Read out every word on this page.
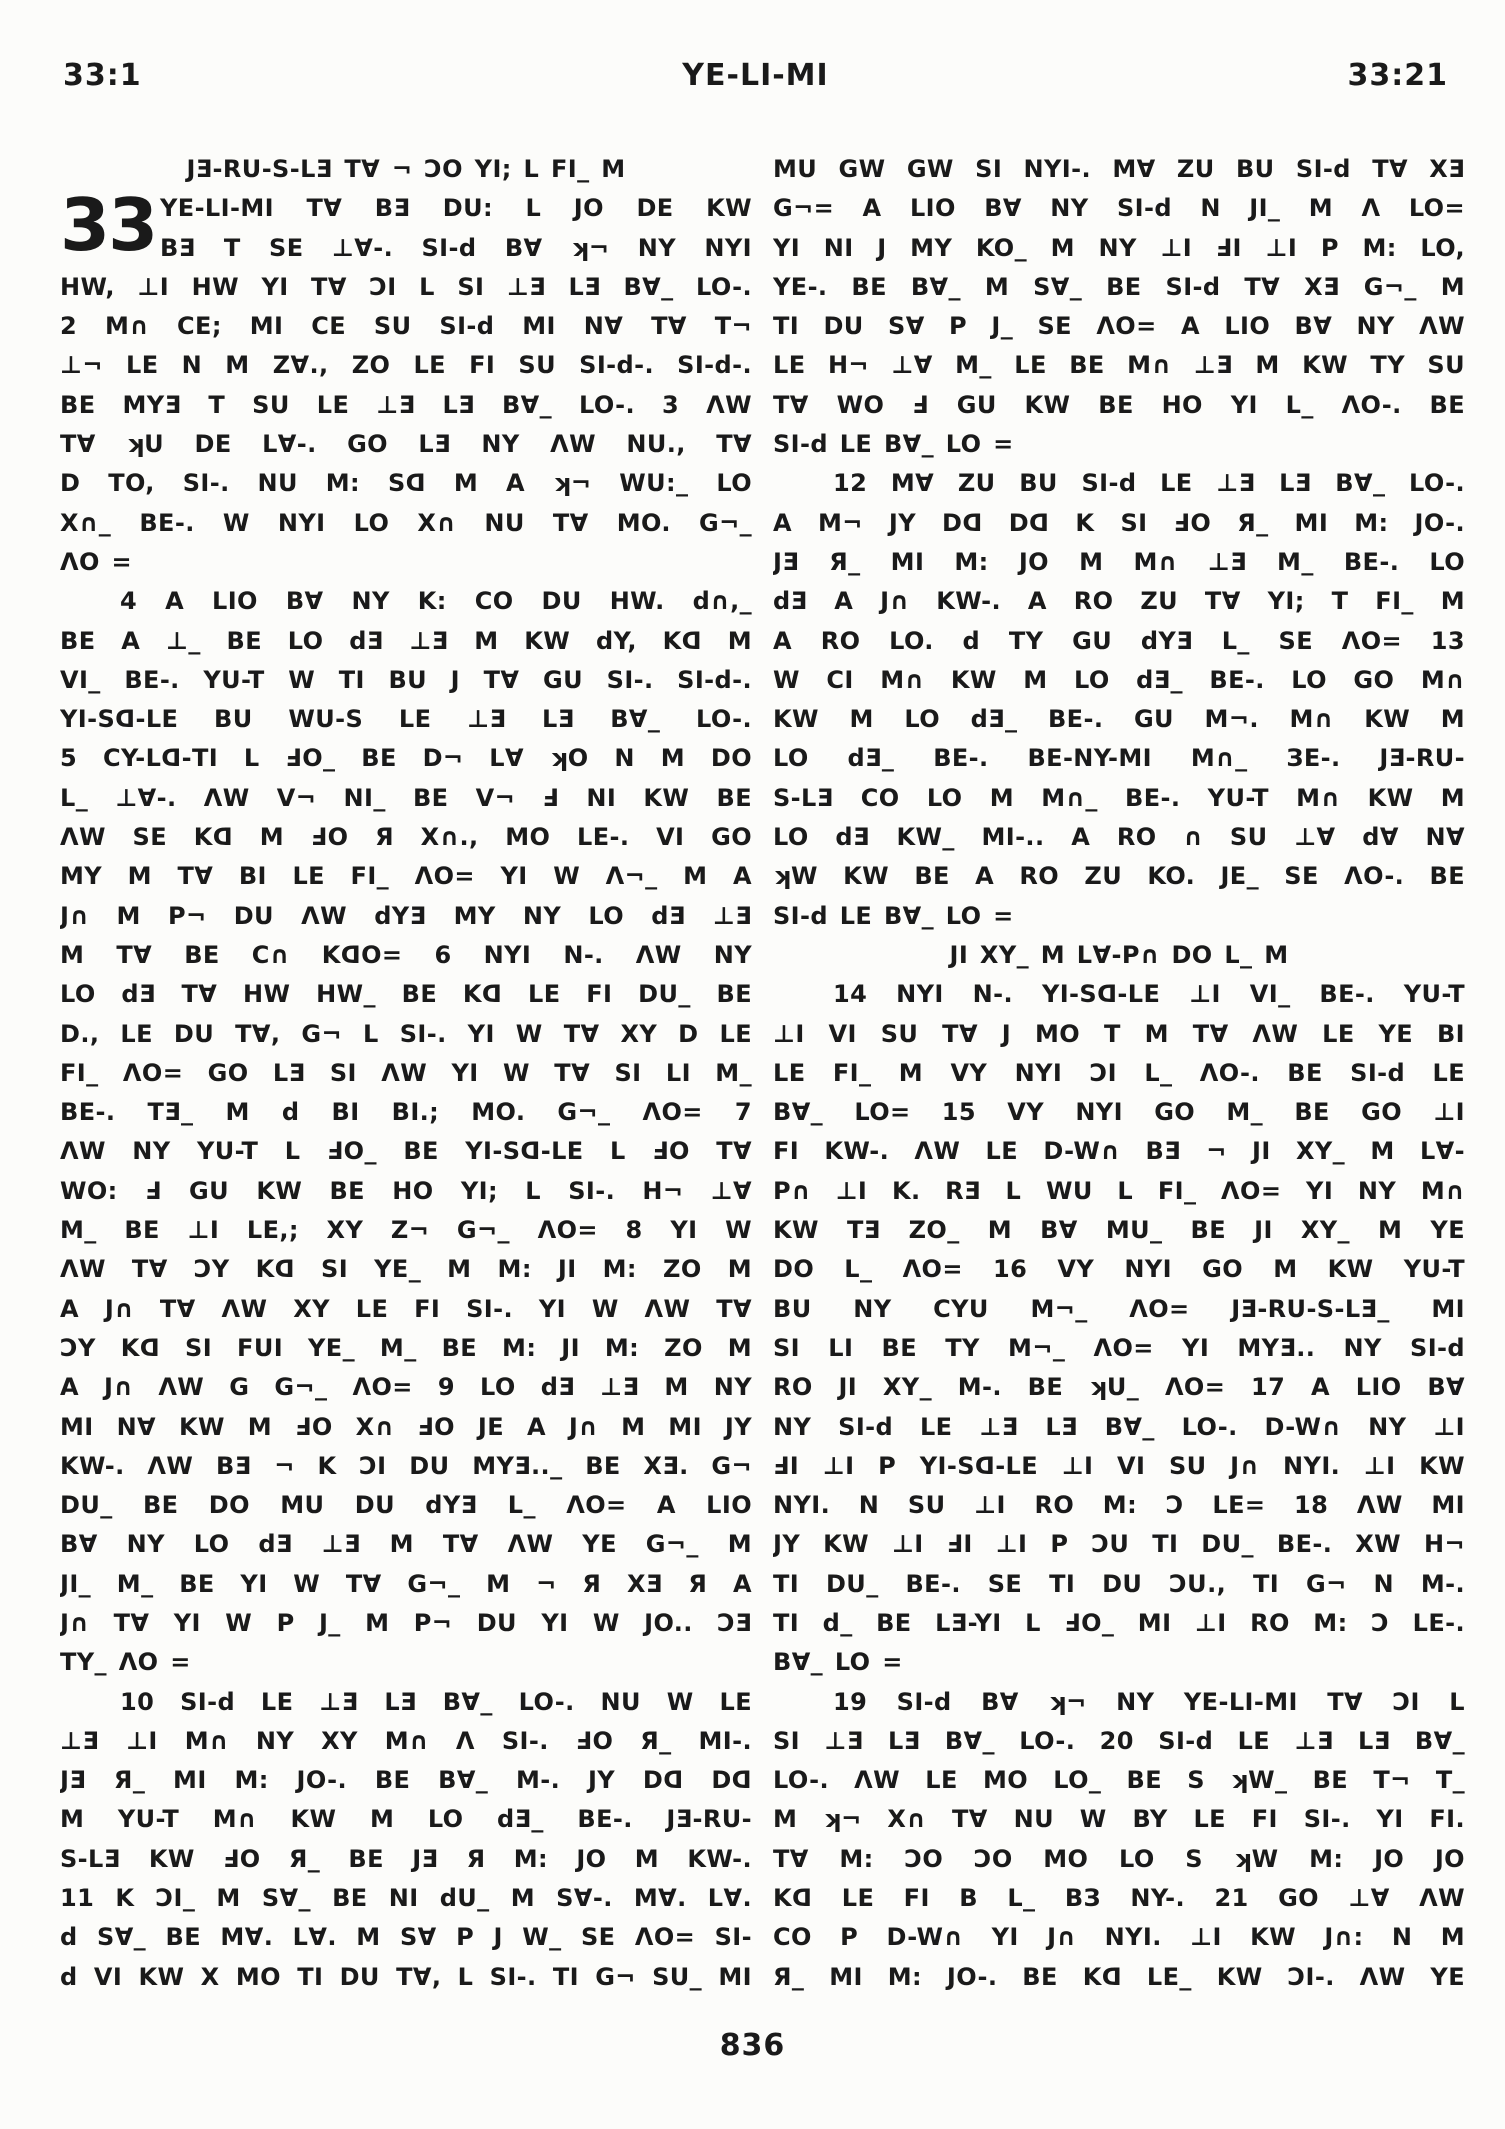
33:1	YE-LI-MI	33:21
33
JƎ-RU-S-LƎ T∀ ¬ ƆO YI; L FI_ M
YE-LI-MI T∀ BƎ DU: L JO DE KW
BƎ T SE ⊥∀-. SI-d B∀ ʞ¬ NY NYI
HW, ⊥I HW YI T∀ ƆI L SI ⊥Ǝ LƎ B∀_ LO-.
2 M∩ CE; MI CE SU SI-d MI N∀ T∀ T¬
⊥¬ LE N M Z∀., ZO LE FI SU SI-d-. SI-d-.
BE MYƎ T SU LE ⊥Ǝ LƎ B∀_ LO-. 3 ΛW
T∀ ʞU DE L∀-. GO LƎ NY ΛW NU., T∀
D TO, SI-. NU M: Sᗡ M A ʞ¬ WU:_ LO
X∩_ BE-. W NYI LO X∩ NU T∀ MO. G¬_
ΛO =
4 A LIO B∀ NY K: CO DU HW. d∩,_
BE A ⊥_ BE LO dƎ ⊥Ǝ M KW dY, Kᗡ M
VI_ BE-. YU-T W TI BU J T∀ GU SI-. SI-d-.
YI-Sᗡ-LE BU WU-S LE ⊥Ǝ LƎ B∀_ LO-.
5 CY-Lᗡ-TI L ℲO_ BE D¬ L∀ ʞO N M DO
L_ ⊥∀-. ΛW V¬ NI_ BE V¬ Ⅎ NI KW BE
ΛW SE Kᗡ M ℲO Я X∩., MO LE-. VI GO
MY M T∀ BI LE FI_ ΛO= YI W Λ¬_ M A
J∩ M P¬ DU ΛW dYƎ MY NY LO dƎ ⊥Ǝ
M T∀ BE C∩ KᗡO= 6 NYI N-. ΛW NY
LO dƎ T∀ HW HW_ BE Kᗡ LE FI DU_ BE
D., LE DU T∀, G¬ L SI-. YI W T∀ XY D LE
FI_ ΛO= GO LƎ SI ΛW YI W T∀ SI LI M_
BE-. TƎ_ M d BI BI.; MO. G¬_ ΛO= 7
ΛW NY YU-T L ℲO_ BE YI-Sᗡ-LE L ℲO T∀
WO: Ⅎ GU KW BE HO YI; L SI-. H¬ ⊥∀
M_ BE ⊥I LE,; XY Z¬ G¬_ ΛO= 8 YI W
ΛW T∀ ƆY Kᗡ SI YE_ M M: JI M: ZO M
A J∩ T∀ ΛW XY LE FI SI-. YI W ΛW T∀
ƆY Kᗡ SI FUI YE_ M_ BE M: JI M: ZO M
A J∩ ΛW G G¬_ ΛO= 9 LO dƎ ⊥Ǝ M NY
MI N∀ KW M ℲO X∩ ℲO JE A J∩ M MI JY
KW-. ΛW BƎ ¬ K ƆI DU MYƎ.._ BE XƎ. G¬
DU_ BE DO MU DU dYƎ L_ ΛO= A LIO
B∀ NY LO dƎ ⊥Ǝ M T∀ ΛW YE G¬_ M
JI_ M_ BE YI W T∀ G¬_ M ¬ Я XƎ Я A
J∩ T∀ YI W P J_ M P¬ DU YI W JO.. ƆƎ
TY_ ΛO =
10 SI-d LE ⊥Ǝ LƎ B∀_ LO-. NU W LE
⊥Ǝ ⊥I M∩ NY XY M∩ Λ SI-. ℲO Я_ MI-.
JƎ Я_ MI M: JO-. BE B∀_ M-. JY Dᗡ Dᗡ
M YU-T M∩ KW M LO dƎ_ BE-. JƎ-RU-
S-LƎ KW ℲO Я_ BE JƎ Я M: JO M KW-.
11 K ƆI_ M S∀_ BE NI dU_ M S∀-. M∀. L∀.
d S∀_ BE M∀. L∀. M S∀ P J W_ SE ΛO= SI-
d VI KW X MO TI DU T∀, L SI-. TI G¬ SU_ MI
MU GW GW SI NYI-. M∀ ZU BU SI-d T∀ XƎ
G¬= A LIO B∀ NY SI-d N JI_ M Λ LO=
YI NI J MY KO_ M NY ⊥I ℲI ⊥I P M: LO,
YE-. BE B∀_ M S∀_ BE SI-d T∀ XƎ G¬_ M
TI DU S∀ P J_ SE ΛO= A LIO B∀ NY ΛW
LE H¬ ⊥∀ M_ LE BE M∩ ⊥Ǝ M KW TY SU
T∀ WO Ⅎ GU KW BE HO YI L_ ΛO-. BE
SI-d LE B∀_ LO =
12 M∀ ZU BU SI-d LE ⊥Ǝ LƎ B∀_ LO-.
A M¬ JY Dᗡ Dᗡ K SI ℲO Я_ MI M: JO-.
JƎ Я_ MI M: JO M M∩ ⊥Ǝ M_ BE-. LO
dƎ A J∩ KW-. A RO ZU T∀ YI; T FI_ M
A RO LO. d TY GU dYƎ L_ SE ΛO= 13
W CI M∩ KW M LO dƎ_ BE-. LO GO M∩
KW M LO dƎ_ BE-. GU M¬. M∩ KW M
LO dƎ_ BE-. BE-NY-MI M∩_ ЗE-. JƎ-RU-
S-LƎ CO LO M M∩_ BE-. YU-T M∩ KW M
LO dƎ KW_ MI-.. A RO ∩ SU ⊥∀ d∀ N∀
ʞW KW BE A RO ZU KO. JE_ SE ΛO-. BE
SI-d LE B∀_ LO =
JI XY_ M L∀-P∩ DO L_ M
14 NYI N-. YI-Sᗡ-LE ⊥I VI_ BE-. YU-T
⊥I VI SU T∀ J MO T M T∀ ΛW LE YE BI
LE FI_ M VY NYI ƆI L_ ΛO-. BE SI-d LE
B∀_ LO= 15 VY NYI GO M_ BE GO ⊥I
FI KW-. ΛW LE D-W∩ BƎ ¬ JI XY_ M L∀-
P∩ ⊥I K. RƎ L WU L FI_ ΛO= YI NY M∩
KW TƎ ZO_ M B∀ MU_ BE JI XY_ M YE
DO L_ ΛO= 16 VY NYI GO M KW YU-T
BU NY CYU M¬_ ΛO= JƎ-RU-S-LƎ_ MI
SI LI BE TY M¬_ ΛO= YI MYƎ.. NY SI-d
RO JI XY_ M-. BE ʞU_ ΛO= 17 A LIO B∀
NY SI-d LE ⊥Ǝ LƎ B∀_ LO-. D-W∩ NY ⊥I
ℲI ⊥I P YI-Sᗡ-LE ⊥I VI SU J∩ NYI. ⊥I KW
NYI. N SU ⊥I RO M: Ɔ LE= 18 ΛW MI
JY KW ⊥I ℲI ⊥I P ƆU TI DU_ BE-. XW H¬
TI DU_ BE-. SE TI DU ƆU., TI G¬ N M-.
TI d_ BE LƎ-YI L ℲO_ MI ⊥I RO M: Ɔ LE-.
B∀_ LO =
19 SI-d B∀ ʞ¬ NY YE-LI-MI T∀ ƆI L
SI ⊥Ǝ LƎ B∀_ LO-. 20 SI-d LE ⊥Ǝ LƎ B∀_
LO-. ΛW LE MO LO_ BE S ʞW_ BE T¬ T_
M ʞ¬ X∩ T∀ NU W BY LE FI SI-. YI FI.
T∀ M: ƆO ƆO MO LO S ʞW M: JO JO
Kᗡ LE FI B L_ BЗ NY-. 21 GO ⊥∀ ΛW
CO P D-W∩ YI J∩ NYI. ⊥I KW J∩: N M
Я_ MI M: JO-. BE Kᗡ LE_ KW ƆI-. ΛW YE
836
